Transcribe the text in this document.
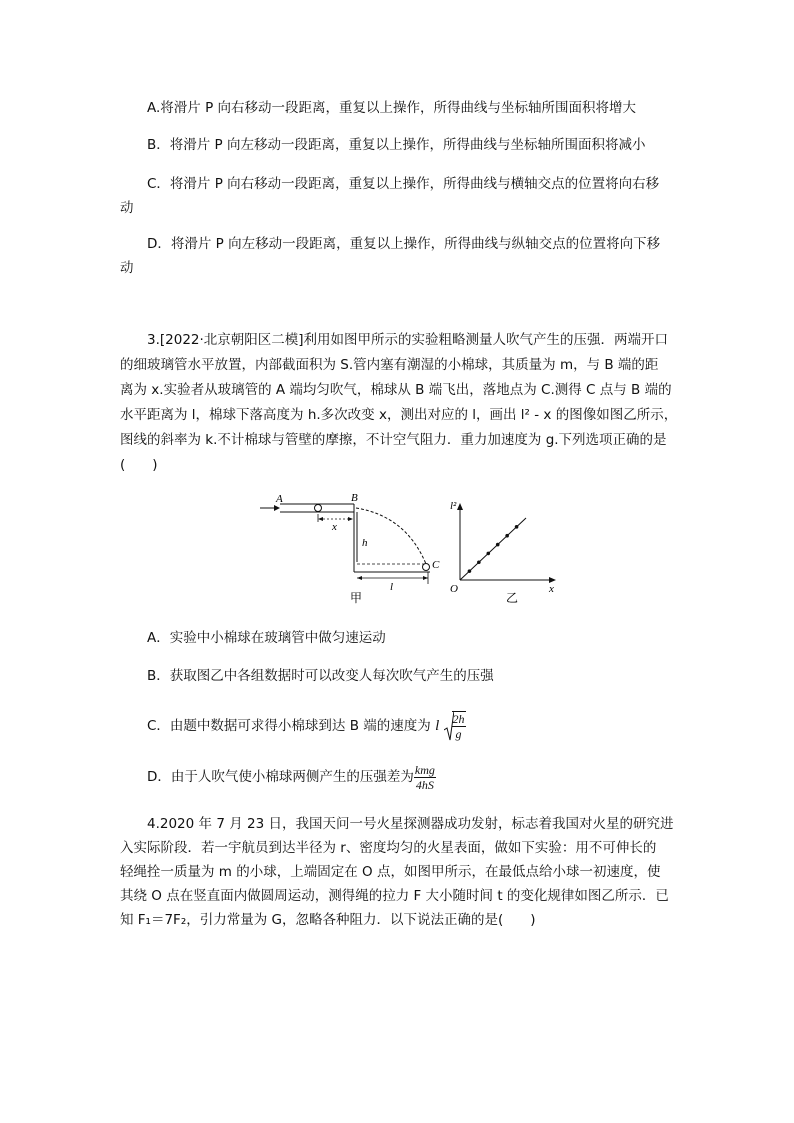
A.将滑片 P 向右移动一段距离，重复以上操作，所得曲线与坐标轴所围面积将增大
B．将滑片 P 向左移动一段距离，重复以上操作，所得曲线与坐标轴所围面积将减小
C．将滑片 P 向右移动一段距离，重复以上操作，所得曲线与横轴交点的位置将向右移
动
D．将滑片 P 向左移动一段距离，重复以上操作，所得曲线与纵轴交点的位置将向下移
动
3.[2022·北京朝阳区二模]利用如图甲所示的实验粗略测量人吹气产生的压强．两端开口
的细玻璃管水平放置，内部截面积为 S.管内塞有潮湿的小棉球，其质量为 m，与 B 端的距
离为 x.实验者从玻璃管的 A 端均匀吹气，棉球从 B 端飞出，落地点为 C.测得 C 点与 B 端的
水平距离为 l，棉球下落高度为 h.多次改变 x，测出对应的 l，画出 l² - x 的图像如图乙所示，
图线的斜率为 k.不计棉球与管壁的摩擦，不计空气阻力．重力加速度为 g.下列选项正确的是
(　　)
A	B
x
h
l
C
甲
l²
x
O
乙
A．实验中小棉球在玻璃管中做匀速运动
B．获取图乙中各组数据时可以改变人每次吹气产生的压强
C．由题中数据可求得小棉球到达 B 端的速度为 l $\frac{2h}{g}$
D．由于人吹气使小棉球两侧产生的压强差为 $\frac{\text{kmg}}{4hS}$
4.2020 年 7 月 23 日，我国天问一号火星探测器成功发射，标志着我国对火星的研究进
入实际阶段．若一宇航员到达半径为 r、密度均匀的火星表面，做如下实验：用不可伸长的
轻绳拴一质量为 m 的小球，上端固定在 O 点，如图甲所示，在最低点给小球一初速度，使
其绕 O 点在竖直面内做圆周运动，测得绳的拉力 F 大小随时间 t 的变化规律如图乙所示．已
知 F₁＝7F₂，引力常量为 G，忽略各种阻力．以下说法正确的是(　　)
